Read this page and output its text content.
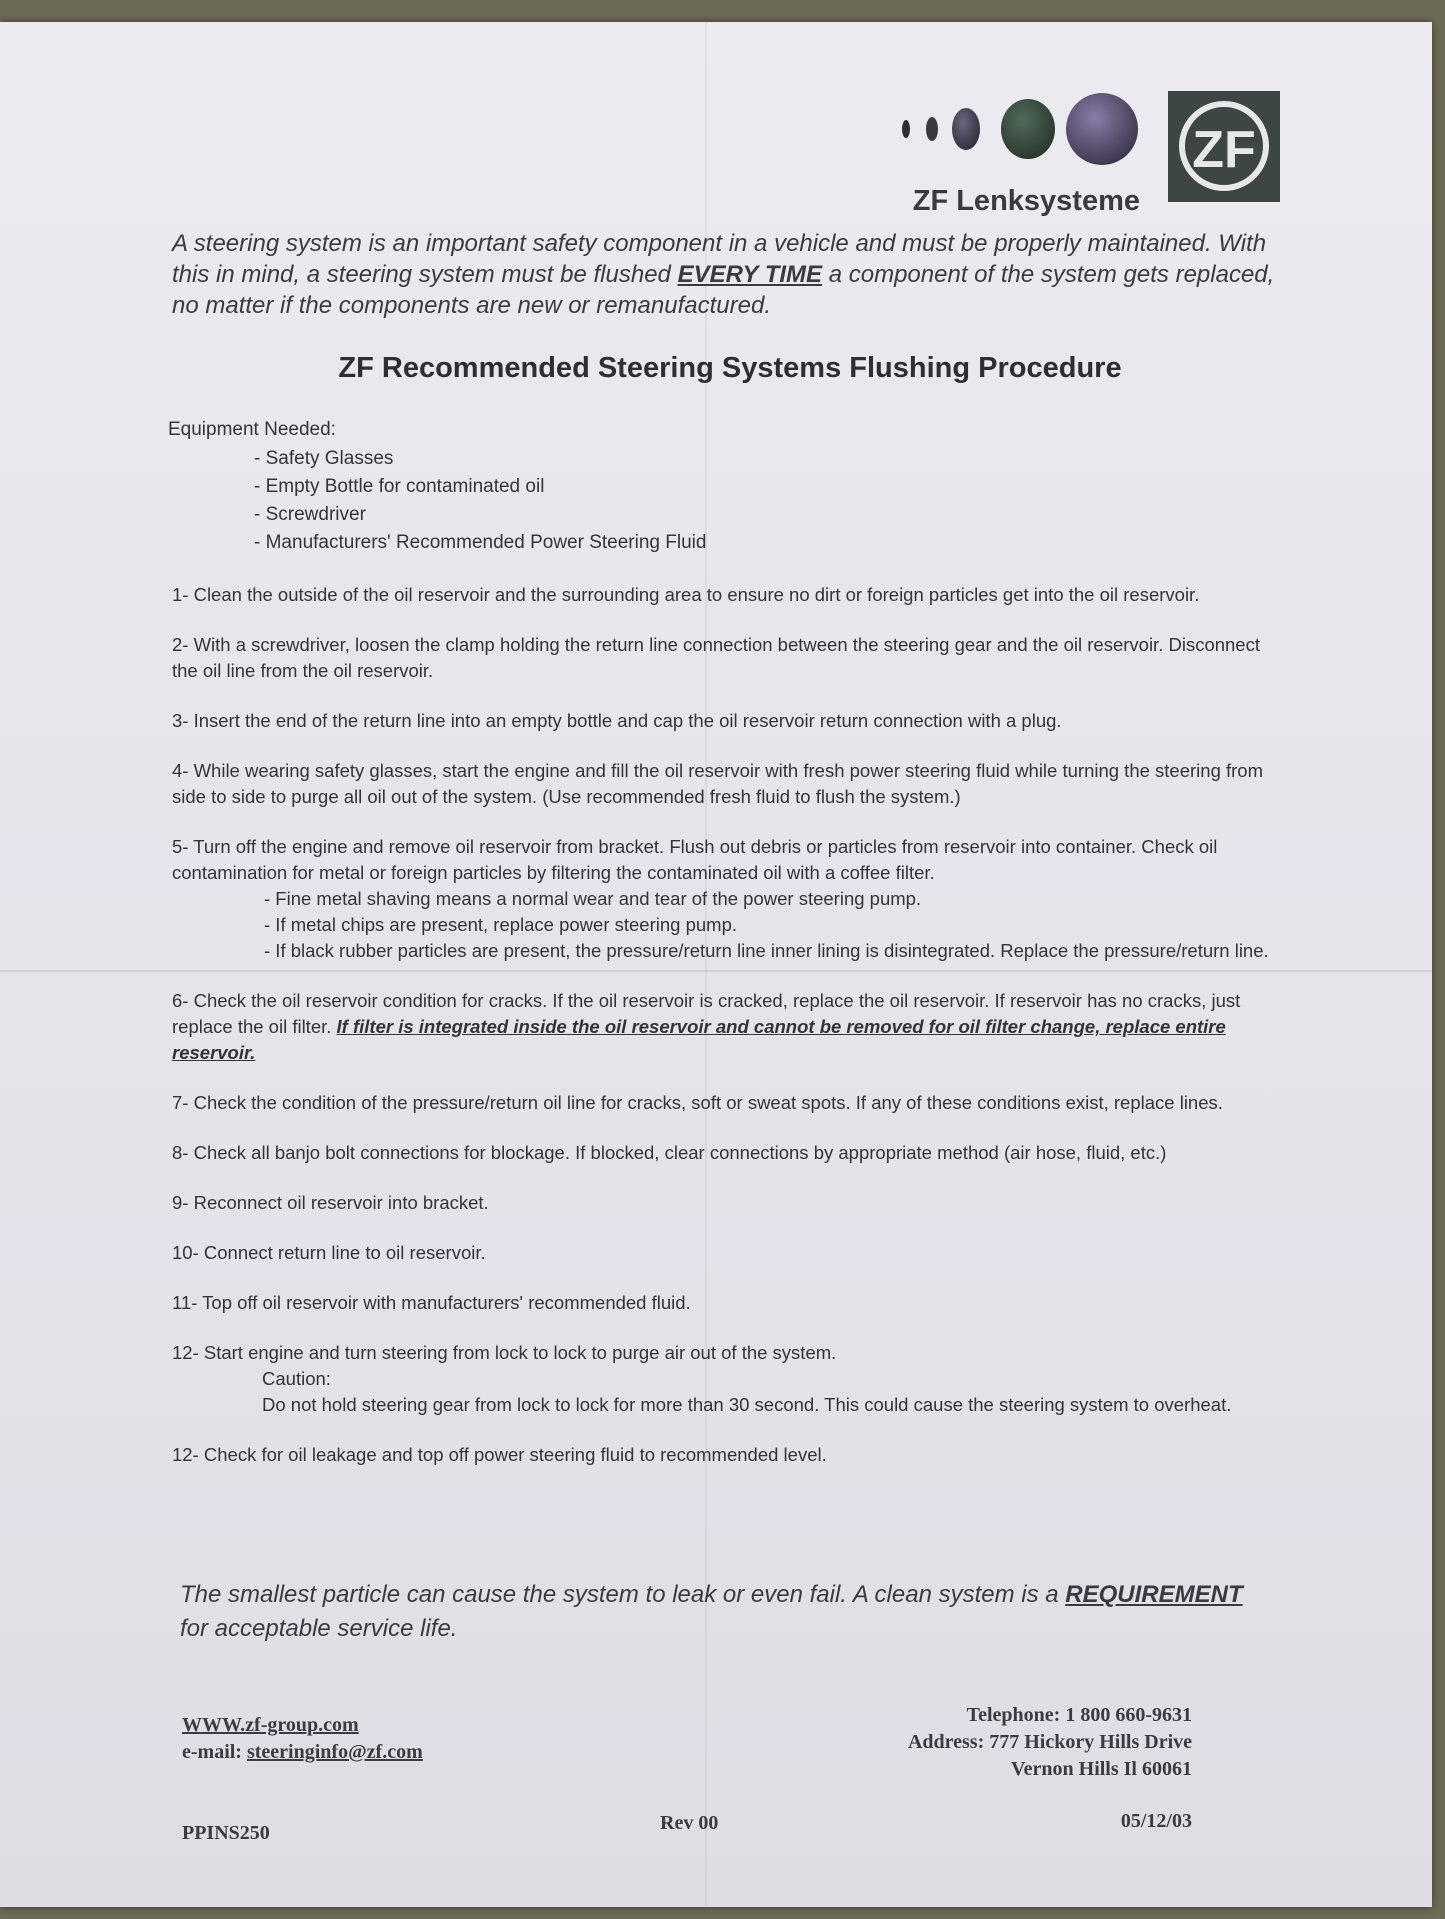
ZF Lenksysteme
ZF
A steering system is an important safety component in a vehicle and must be properly maintained. With this in mind, a steering system must be flushed EVERY TIME a component of the system gets replaced, no matter if the components are new or remanufactured.
ZF Recommended Steering Systems Flushing Procedure
Equipment Needed:
- Safety Glasses
- Empty Bottle for contaminated oil
- Screwdriver
- Manufacturers' Recommended Power Steering Fluid
1- Clean the outside of the oil reservoir and the surrounding area to ensure no dirt or foreign particles get into the oil reservoir.
2- With a screwdriver, loosen the clamp holding the return line connection between the steering gear and the oil reservoir. Disconnect the oil line from the oil reservoir.
3- Insert the end of the return line into an empty bottle and cap the oil reservoir return connection with a plug.
4- While wearing safety glasses, start the engine and fill the oil reservoir with fresh power steering fluid while turning the steering from side to side to purge all oil out of the system. (Use recommended fresh fluid to flush the system.)
5- Turn off the engine and remove oil reservoir from bracket. Flush out debris or particles from reservoir into container. Check oil contamination for metal or foreign particles by filtering the contaminated oil with a coffee filter.
- Fine metal shaving means a normal wear and tear of the power steering pump.
- If metal chips are present, replace power steering pump.
- If black rubber particles are present, the pressure/return line inner lining is disintegrated. Replace the pressure/return line.
6- Check the oil reservoir condition for cracks. If the oil reservoir is cracked, replace the oil reservoir. If reservoir has no cracks, just replace the oil filter. If filter is integrated inside the oil reservoir and cannot be removed for oil filter change, replace entire reservoir.
7- Check the condition of the pressure/return oil line for cracks, soft or sweat spots. If any of these conditions exist, replace lines.
8- Check all banjo bolt connections for blockage. If blocked, clear connections by appropriate method (air hose, fluid, etc.)
9- Reconnect oil reservoir into bracket.
10- Connect return line to oil reservoir.
11- Top off oil reservoir with manufacturers' recommended fluid.
12- Start engine and turn steering from lock to lock to purge air out of the system.
Caution:
Do not hold steering gear from lock to lock for more than 30 second. This could cause the steering system to overheat.
12- Check for oil leakage and top off power steering fluid to recommended level.
The smallest particle can cause the system to leak or even fail. A clean system is a REQUIREMENT for acceptable service life.
WWW.zf-group.com
e-mail: steeringinfo@zf.com
Telephone: 1 800 660-9631
Address: 777 Hickory Hills Drive
Vernon Hills Il 60061
PPINS250	Rev 00	05/12/03
